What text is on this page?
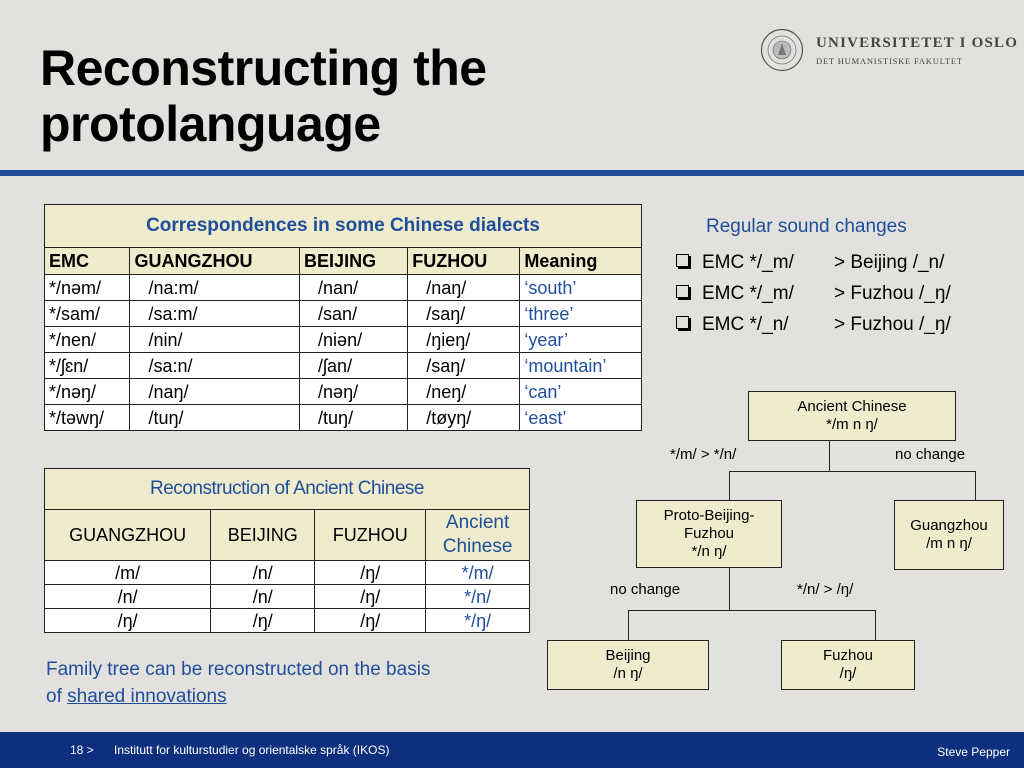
Reconstructing the
protolanguage
UNIVERSITETET I OSLO
DET HUMANISTISKE FAKULTET
Correspondences in some Chinese dialects				
EMC	GUANGZHOU	BEIJING	FUZHOU	Meaning
*/nəm/	/na:m/	/nan/	/naŋ/	‘south’
*/sam/	/sa:m/	/san/	/saŋ/	‘three’
*/nen/	/nin/	/niən/	/ŋieŋ/	‘year’
*/ʃɛn/	/sa:n/	/ʃan/	/saŋ/	‘mountain’
*/nəŋ/	/naŋ/	/nəŋ/	/neŋ/	‘can’
*/təwŋ/	/tuŋ/	/tuŋ/	/tøyŋ/	‘east’
Reconstruction of Ancient Chinese			
GUANGZHOU	BEIJING	FUZHOU	Ancient
Chinese

/m/	/n/	/ŋ/	*/m/
/n/	/n/	/ŋ/	*/n/
/ŋ/	/ŋ/	/ŋ/	*/ŋ/
Regular sound changes
EMC */_m/ > Beijing /_n/
EMC */_m/ > Fuzhou /_ŋ/
EMC */_n/ > Fuzhou /_ŋ/
Ancient Chinese
*/m n ŋ/
*/m/ > */n/	no change
Proto-Beijing-
Fuzhou
*/n ŋ/
Guangzhou
/m n ŋ/
no change	*/n/ > /ŋ/
Beijing
/n ŋ/
Fuzhou
/ŋ/
Family tree can be reconstructed on the basis
of shared innovations
18 > Institutt for kulturstudier og orientalske språk (IKOS)	Steve Pepper
